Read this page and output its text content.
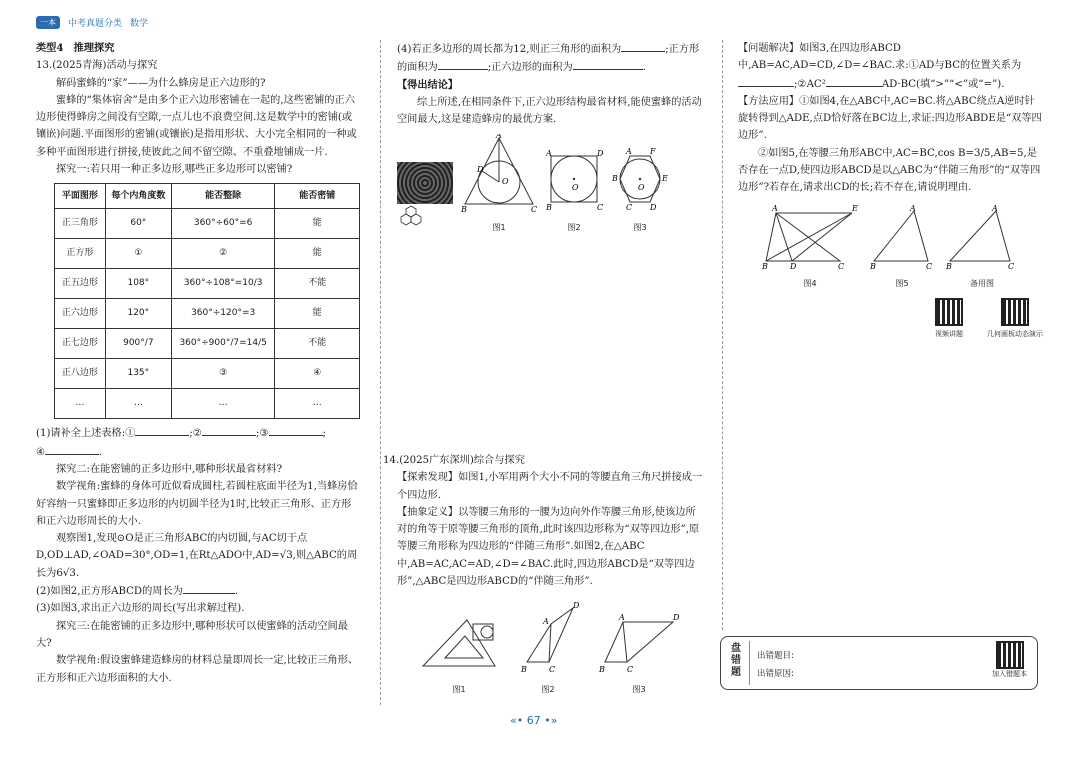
一本	中考真题分类 数学

类型4　推理探究

13.(2025青海)活动与探究

解码蜜蜂的“家”——为什么蜂房是正六边形的?

蜜蜂的“集体宿舍”是由多个正六边形密铺在一起的,这些密铺的正六边形使得蜂房之间没有空隙,一点儿也不浪费空间.这是数学中的密铺(或镶嵌)问题.平面图形的密铺(或镶嵌)是指用形状、大小完全相同的一种或多种平面图形进行拼接,使彼此之间不留空隙、不重叠地铺成一片.

探究一:若只用一种正多边形,哪些正多边形可以密铺?

平面图形	每个内角度数	能否整除	能否密铺
正三角形	60°	360°÷60°=6	能
正方形	①	②	能
正五边形	108°	360°÷108°=10/3	不能
正六边形	120°	360°÷120°=3	能
正七边形	900°/7	360°÷900°/7=14/5	不能
正八边形	135°	③	④
…	…	…	…

(1)请补全上述表格:①	;②	;③	;

④	.

探究二:在能密铺的正多边形中,哪种形状最省材料?

数学视角:蜜蜂的身体可近似看成圆柱,若圆柱底面半径为1,当蜂房恰好容纳一只蜜蜂即正多边形的内切圆半径为1时,比较正三角形、正方形和正六边形周长的大小.

观察图1,发现⊙O是正三角形ABC的内切圆,与AC切于点D,OD⊥AD,∠OAD=30°,OD=1,在Rt△ADO中,AD=√3,则△ABC的周长为6√3.

(2)如图2,正方形ABCD的周长为	.

(3)如图3,求出正六边形的周长(写出求解过程).

探究三:在能密铺的正多边形中,哪种形状可以使蜜蜂的活动空间最大?

数学视角:假设蜜蜂建造蜂房的材料总量即周长一定,比较正三角形、正方形和正六边形面积的大小.

(4)若正多边形的周长都为12,则正三角形的面积为	;正方形的面积为	;正六边形的面积为	.

【得出结论】

综上所述,在相同条件下,正六边形结构最省材料,能使蜜蜂的活动空间最大,这是建造蜂房的最优方案.

A
B	C
O
D
图1
A	D
B	C
O
图2
A F
B	E
C D
O
图3

14.(2025广东深圳)综合与探究

【探索发现】如图1,小军用两个大小不同的等腰直角三角尺拼接成一个四边形.

【抽象定义】以等腰三角形的一腰为边向外作等腰三角形,使该边所对的角等于原等腰三角形的顶角,此时该四边形称为“双等四边形”,原等腰三角形称为四边形的“伴随三角形”.如图2,在△ABC中,AB=AC,AC=AD,∠D=∠BAC.此时,四边形ABCD是“双等四边形”,△ABC是四边形ABCD的“伴随三角形”.

图1
A
D
B	C
图2
A	D
B	C
图3

【问题解决】如图3,在四边形ABCD中,AB=AC,AD=CD,∠D=∠BAC.求:①AD与BC的位置关系为;②AC²	AD·BC(填“>”“<”或“=”).

【方法应用】①如图4,在△ABC中,AC=BC.将△ABC绕点A逆时针旋转得到△ADE,点D恰好落在BC边上,求证:四边形ABDE是“双等四边形”.

②如图5,在等腰三角形ABC中,AC=BC,cos B=3/5,AB=5,是否存在一点D,使四边形ABCD是以△ABC为“伴随三角形”的“双等四边形”?若存在,请求出CD的长;若不存在,请说明理由.

A	E
B	D	C
图4
A
B	C
图5
A
B	C
备用图
视频讲题	几何画板动态演示
盘错题
出错题目:
出错原因:	加入错题本
«• 67 •»
